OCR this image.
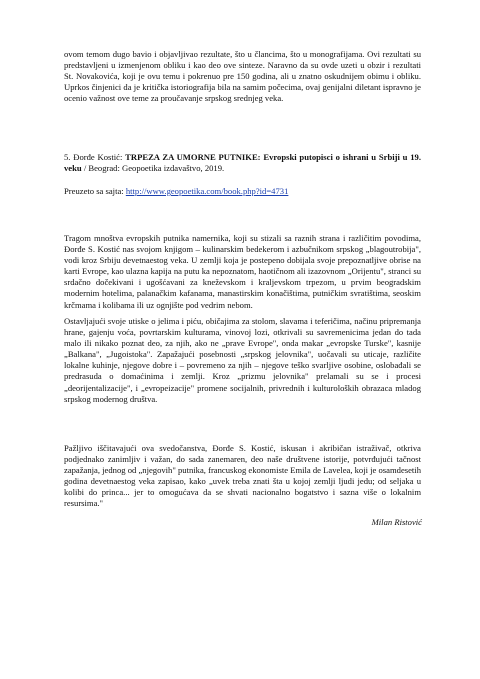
ovom temom dugo bavio i objavljivao rezultate, što u člancima, što u monografijama. Ovi rezultati su predstavljeni u izmenjenom obliku i kao deo ove sinteze. Naravno da su ovde uzeti u obzir i rezultati St. Novakovića, koji je ovu temu i pokrenuo pre 150 godina, ali u znatno oskudnijem obimu i obliku. Uprkos činjenici da je kritička istoriografija bila na samim počecima, ovaj genijalni diletant ispravno je ocenio važnost ove teme za proučavanje srpskog srednjeg veka.

5. Đorđe Kostić: TRPEZA ZA UMORNE PUTNIKE: Evropski putopisci o ishrani u Srbiji u 19. veku / Beograd: Geopoetika izdavaštvo, 2019.
Preuzeto sa sajta: http://www.geopoetika.com/book.php?id=4731

Tragom mnoštva evropskih putnika namernika, koji su stizali sa raznih strana i različitim povodima, Đorđe S. Kostić nas svojom knjigom – kulinarskim bedekerom i azbučnikom srpskog „blagoutrobija", vodi kroz Srbiju devetnaestog veka. U zemlji koja je postepeno dobijala svoje prepoznatljive obrise na karti Evrope, kao ulazna kapija na putu ka nepoznatom, haotičnom ali izazovnom „Orijentu", stranci su srdačno dočekivani i ugošćavani za kneževskom i kraljevskom trpezom, u prvim beogradskim modernim hotelima, palanačkim kafanama, manastirskim konačištima, putničkim svratištima, seoskim krčmama i kolibama ili uz ognjište pod vedrim nebom.

Ostavljajući svoje utiske o jelima i piću, običajima za stolom, slavama i teferičima, načinu pripremanja hrane, gajenju voća, povrtarskim kulturama, vinovoj lozi, otkrivali su savremenicima jedan do tada malo ili nikako poznat deo, za njih, ako ne „prave Evrope", onda makar „evropske Turske", kasnije „Balkana", „Jugoistoka". Zapažajući posebnosti „srpskog jelovnika", uočavali su uticaje, različite lokalne kuhinje, njegove dobre i – povremeno za njih – njegove teško svarljive osobine, oslobađali se predrasuda o domaćinima i zemlji. Kroz „prizmu jelovnika" prelamali su se i procesi „deorijentalizacije", i „evropeizacije" promene socijalnih, privrednih i kulturoloških obrazaca mladog srpskog modernog društva.

Pažljivo iščitavajući ova svedočanstva, Đorđe S. Kostić, iskusan i akribičan istraživač, otkriva podjednako zanimljiv i važan, do sada zanemaren, deo naše društvene istorije, potvrđujući tačnost zapažanja, jednog od „njegovih" putnika, francuskog ekonomiste Emila de Lavelea, koji je osamdesetih godina devetnaestog veka zapisao, kako „uvek treba znati šta u kojoj zemlji ljudi jedu; od seljaka u kolibi do princa... jer to omogućava da se shvati nacionalno bogatstvo i sazna više o lokalnim resursima."

Milan Ristović
